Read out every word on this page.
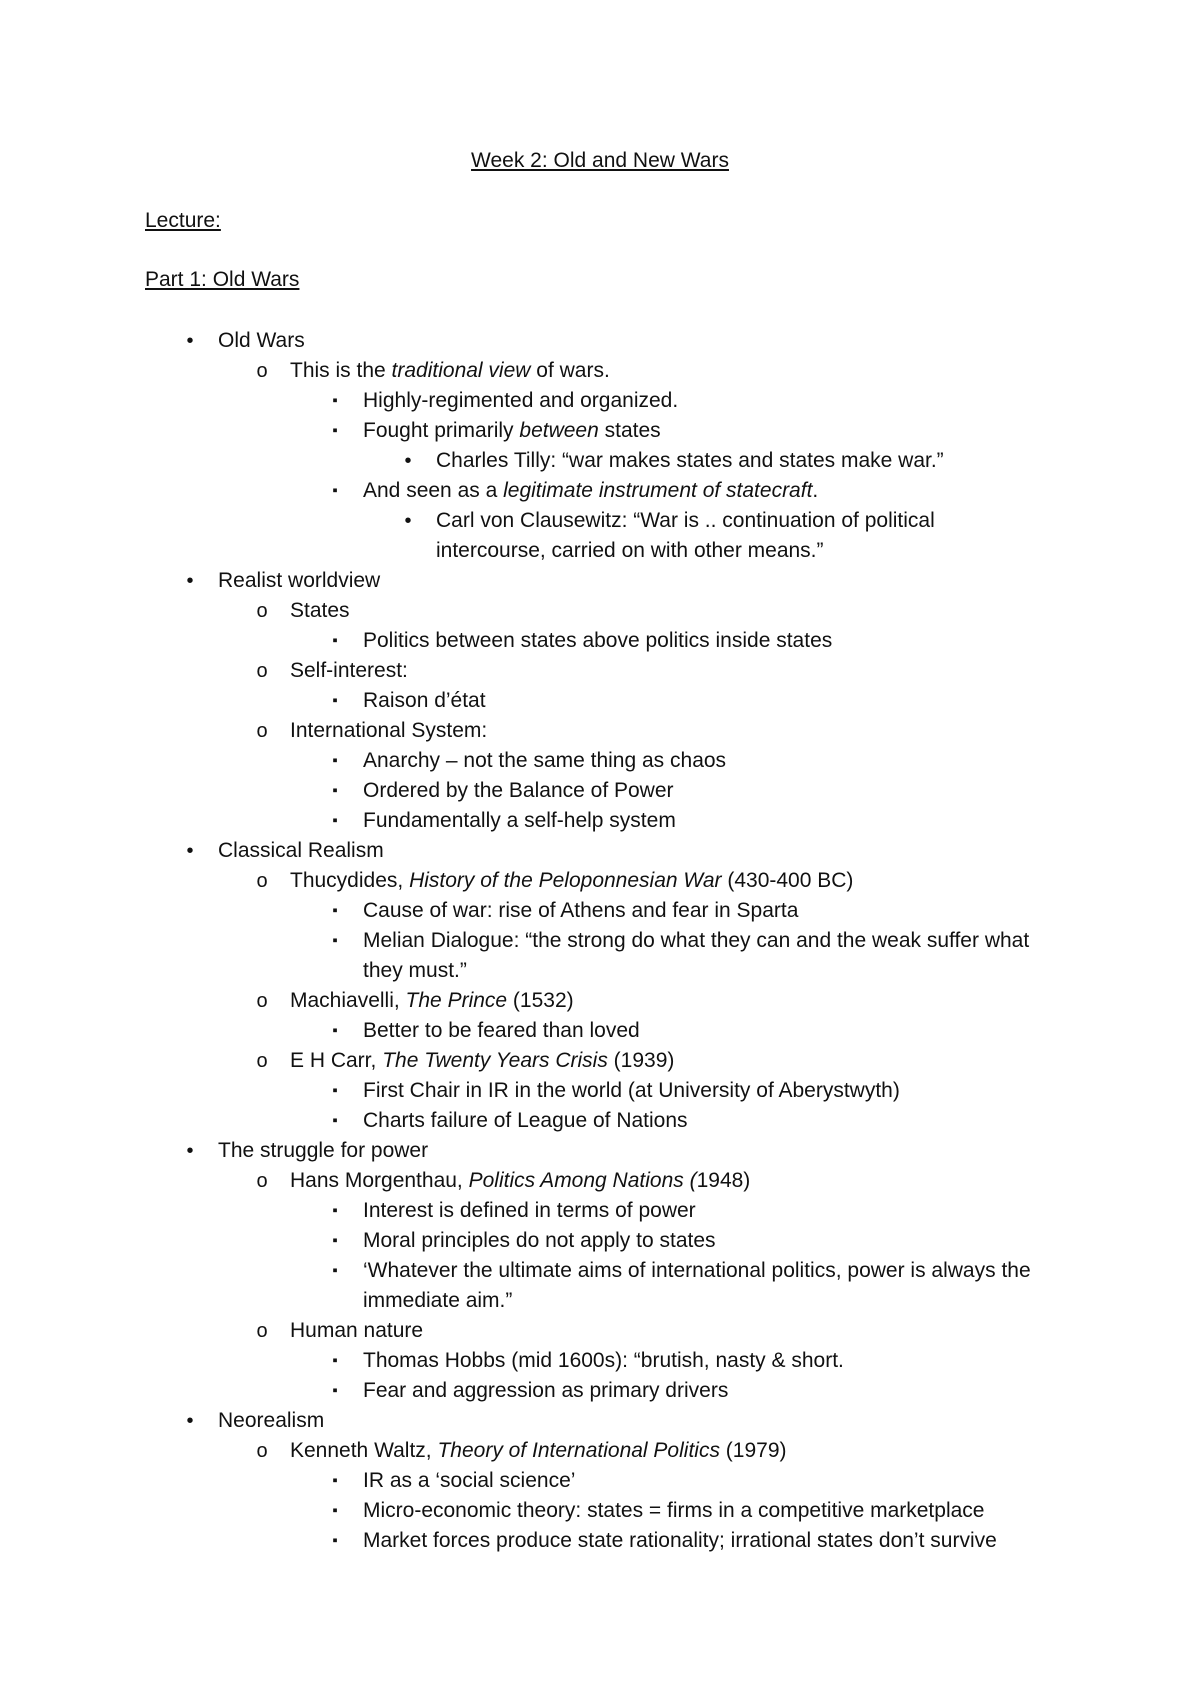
Week 2: Old and New Wars
Lecture:
Part 1: Old Wars
•	Old Wars
o This is the traditional view of wars.
▪	Highly-regimented and organized.
▪	Fought primarily between states
•	Charles Tilly: “war makes states and states make war.”
▪	And seen as a legitimate instrument of statecraft.
•	Carl von Clausewitz: “War is .. continuation of political intercourse, carried on with other means.”
•	Realist worldview
o States
▪	Politics between states above politics inside states
o Self-interest:
▪	Raison d’état
o International System:
▪	Anarchy – not the same thing as chaos
▪	Ordered by the Balance of Power
▪	Fundamentally a self-help system
•	Classical Realism
o Thucydides, History of the Peloponnesian War (430-400 BC)
▪	Cause of war: rise of Athens and fear in Sparta
▪	Melian Dialogue: “the strong do what they can and the weak suffer what they must.”
o Machiavelli, The Prince (1532)
▪	Better to be feared than loved
o E H Carr, The Twenty Years Crisis (1939)
▪	First Chair in IR in the world (at University of Aberystwyth)
▪	Charts failure of League of Nations
•	The struggle for power
o Hans Morgenthau, Politics Among Nations (1948)
▪	Interest is defined in terms of power
▪	Moral principles do not apply to states
▪	‘Whatever the ultimate aims of international politics, power is always the immediate aim.”
o Human nature
▪	Thomas Hobbs (mid 1600s): “brutish, nasty & short.
▪	Fear and aggression as primary drivers
•	Neorealism
o Kenneth Waltz, Theory of International Politics (1979)
▪	IR as a ‘social science’
▪	Micro-economic theory: states = firms in a competitive marketplace
▪	Market forces produce state rationality; irrational states don’t survive
